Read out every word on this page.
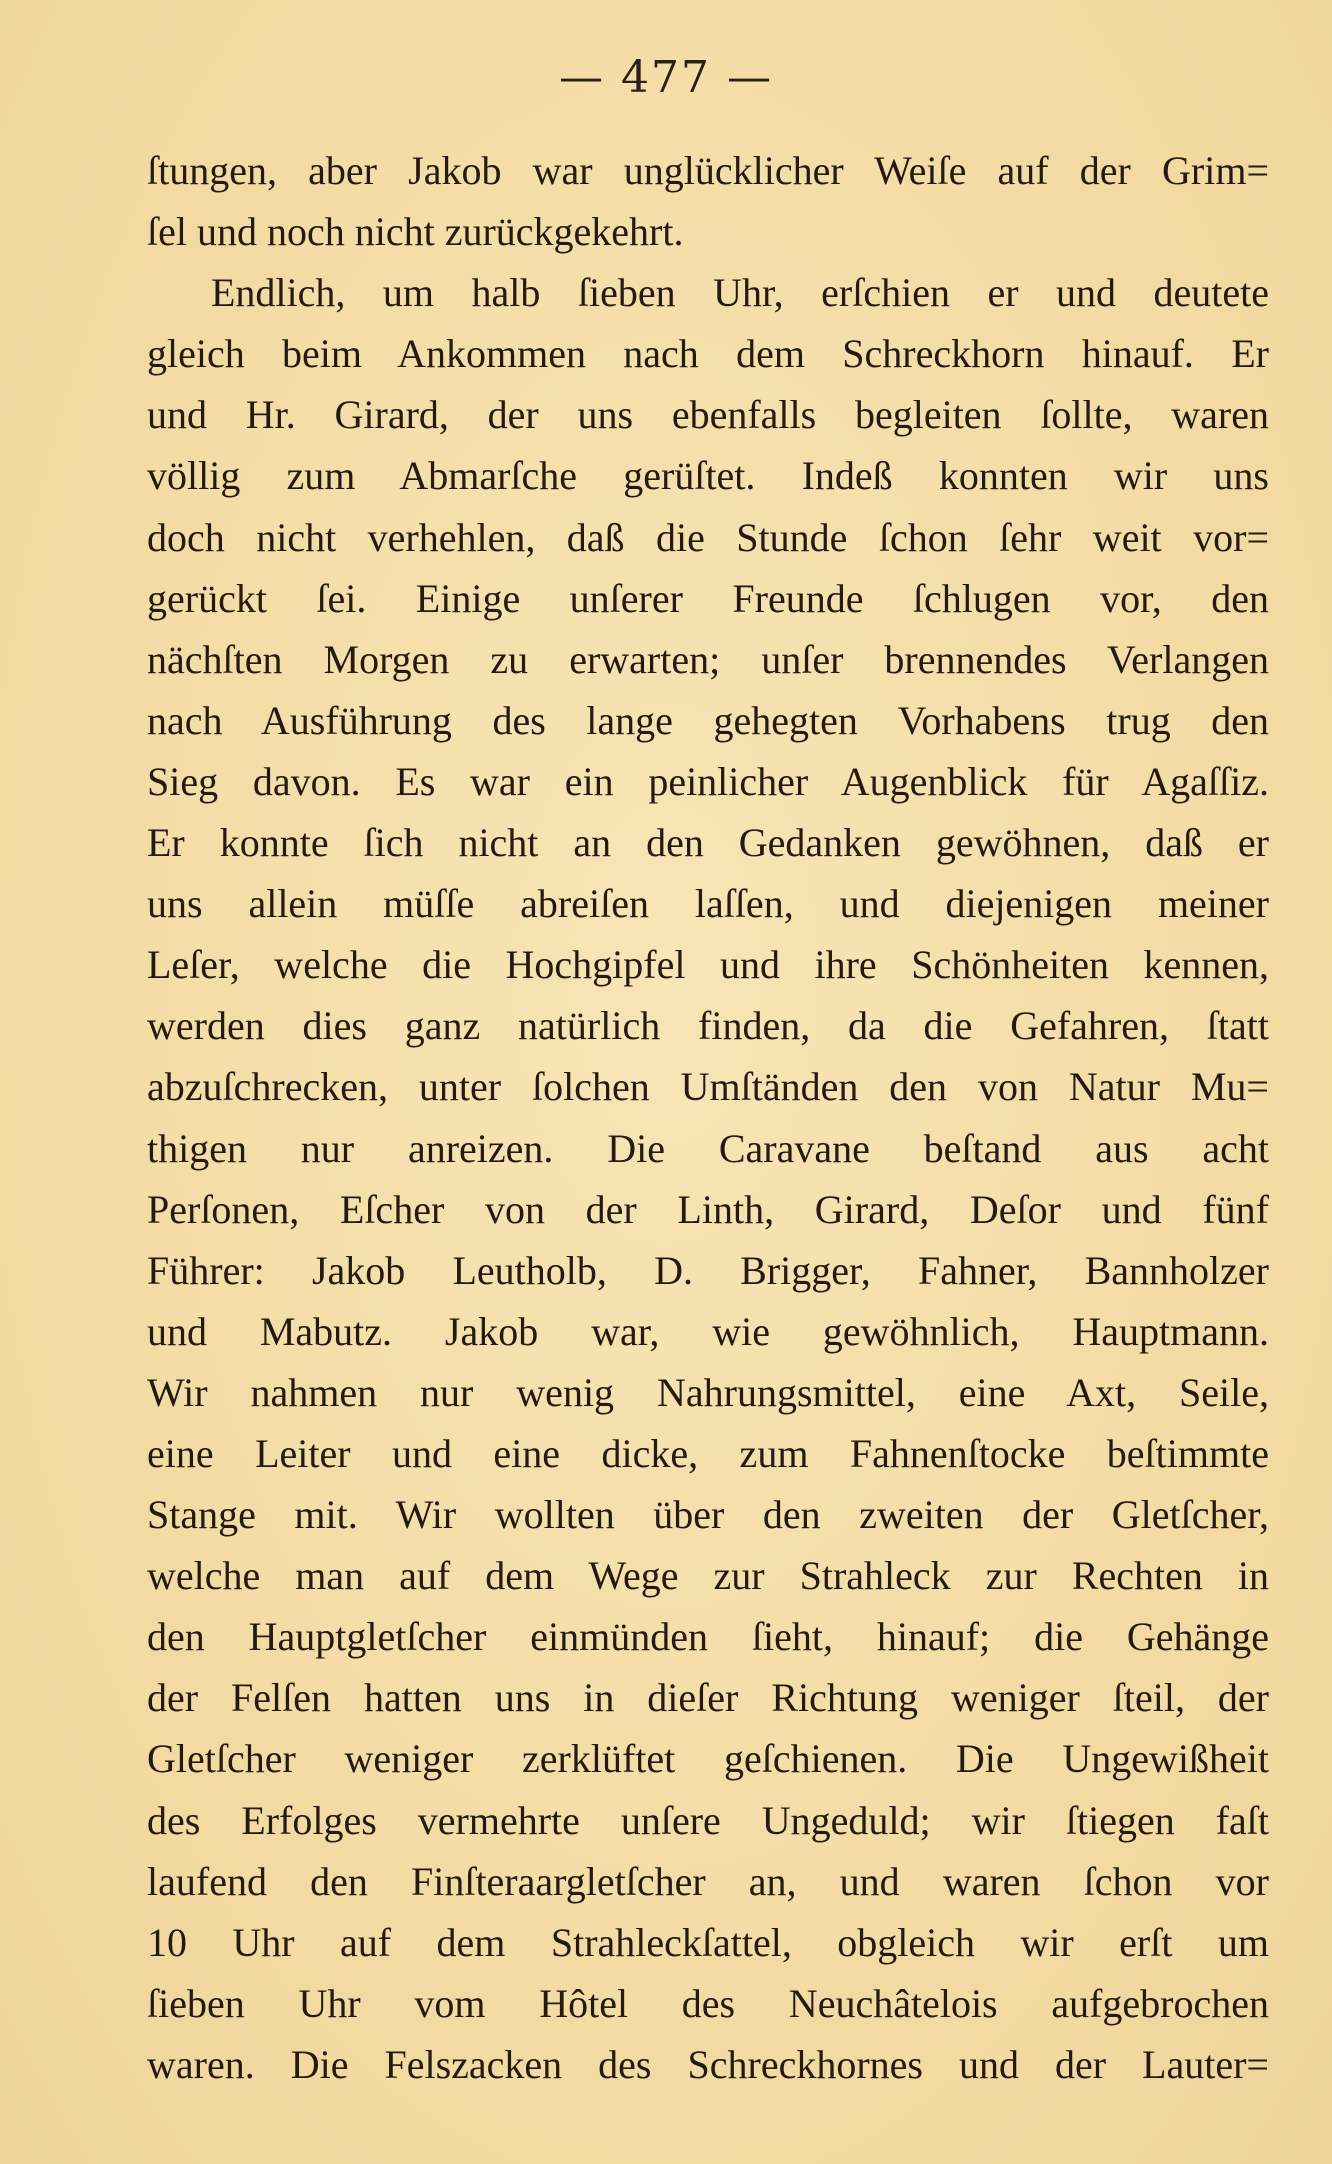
— 477 —
ſtungen, aber Jakob war unglücklicher Weiſe auf der Grim=
ſel und noch nicht zurückgekehrt.
Endlich, um halb ſieben Uhr, erſchien er und deutete
gleich beim Ankommen nach dem Schreckhorn hinauf. Er
und Hr. Girard, der uns ebenfalls begleiten ſollte, waren
völlig zum Abmarſche gerüſtet. Indeß konnten wir uns
doch nicht verhehlen, daß die Stunde ſchon ſehr weit vor=
gerückt ſei. Einige unſerer Freunde ſchlugen vor, den
nächſten Morgen zu erwarten; unſer brennendes Verlangen
nach Ausführung des lange gehegten Vorhabens trug den
Sieg davon. Es war ein peinlicher Augenblick für Agaſſiz.
Er konnte ſich nicht an den Gedanken gewöhnen, daß er
uns allein müſſe abreiſen laſſen, und diejenigen meiner
Leſer, welche die Hochgipfel und ihre Schönheiten kennen,
werden dies ganz natürlich finden, da die Gefahren, ſtatt
abzuſchrecken, unter ſolchen Umſtänden den von Natur Mu=
thigen nur anreizen. Die Caravane beſtand aus acht
Perſonen, Eſcher von der Linth, Girard, Deſor und fünf
Führer: Jakob Leutholb, D. Brigger, Fahner, Bannholzer
und Mabutz. Jakob war, wie gewöhnlich, Hauptmann.
Wir nahmen nur wenig Nahrungsmittel, eine Axt, Seile,
eine Leiter und eine dicke, zum Fahnenſtocke beſtimmte
Stange mit. Wir wollten über den zweiten der Gletſcher,
welche man auf dem Wege zur Strahleck zur Rechten in
den Hauptgletſcher einmünden ſieht, hinauf; die Gehänge
der Felſen hatten uns in dieſer Richtung weniger ſteil, der
Gletſcher weniger zerklüftet geſchienen. Die Ungewißheit
des Erfolges vermehrte unſere Ungeduld; wir ſtiegen faſt
laufend den Finſteraargletſcher an, und waren ſchon vor
10 Uhr auf dem Strahleckſattel, obgleich wir erſt um
ſieben Uhr vom Hôtel des Neuchâtelois aufgebrochen
waren. Die Felszacken des Schreckhornes und der Lauter=
